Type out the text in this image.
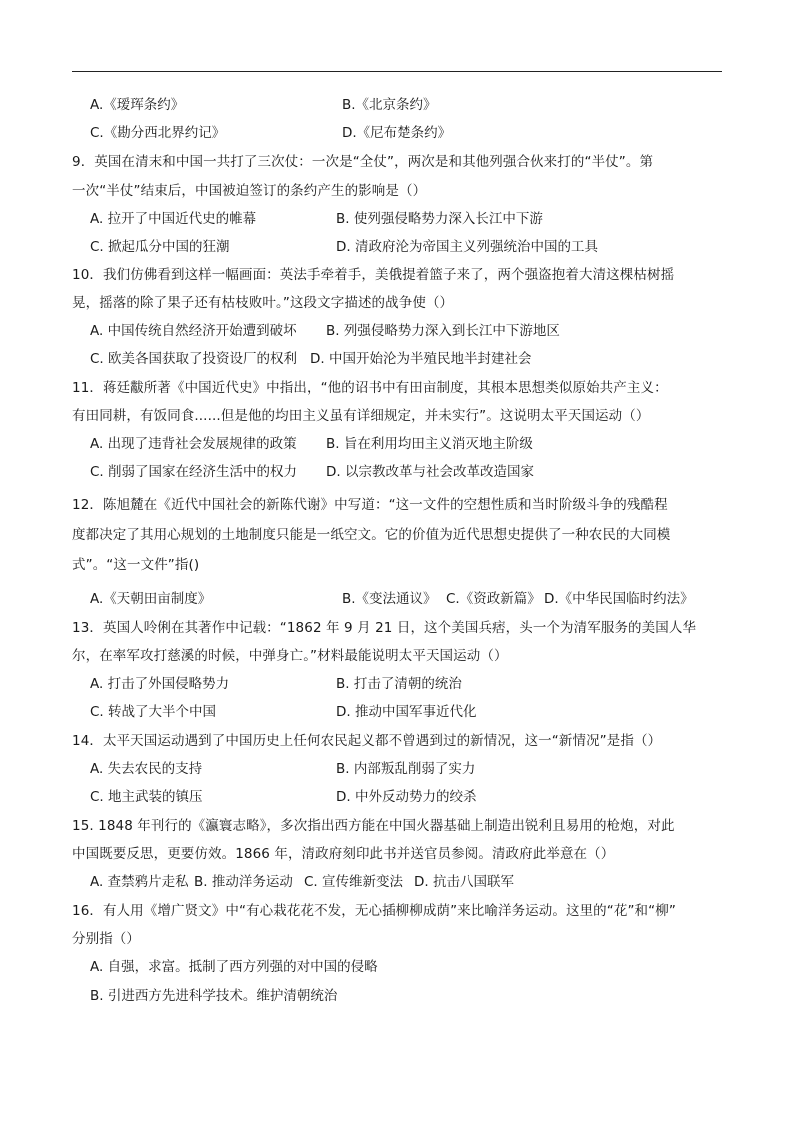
A.《瑷珲条约》	B.《北京条约》
C.《勘分西北界约记》	D.《尼布楚条约》
9．英国在清末和中国一共打了三次仗：一次是“全仗”，两次是和其他列强合伙来打的“半仗”。第
一次“半仗”结束后，中国被迫签订的条约产生的影响是（）
A. 拉开了中国近代史的帷幕	B. 使列强侵略势力深入长江中下游
C. 掀起瓜分中国的狂潮	D. 清政府沦为帝国主义列强统治中国的工具
10．我们仿佛看到这样一幅画面：英法手牵着手，美俄提着篮子来了，两个强盗抱着大清这棵枯树摇
晃，摇落的除了果子还有枯枝败叶。”这段文字描述的战争使（）
A. 中国传统自然经济开始遭到破坏 B. 列强侵略势力深入到长江中下游地区
C. 欧美各国获取了投资设厂的权利 D. 中国开始沦为半殖民地半封建社会
11．蒋廷黻所著《中国近代史》中指出，“他的诏书中有田亩制度，其根本思想类似原始共产主义：
有田同耕，有饭同食......但是他的均田主义虽有详细规定，并未实行”。这说明太平天国运动（）
A. 出现了违背社会发展规律的政策 B. 旨在利用均田主义消灭地主阶级
C. 削弱了国家在经济生活中的权力 D. 以宗教改革与社会改革改造国家
12．陈旭麓在《近代中国社会的新陈代谢》中写道：“这一文件的空想性质和当时阶级斗争的残酷程
度都决定了其用心规划的土地制度只能是一纸空文。它的价值为近代思想史提供了一种农民的大同模
式”。“这一文件”指()
A.《天朝田亩制度》	B.《变法通议》 C.《资政新篇》 D.《中华民国临时约法》
13．英国人呤俐在其著作中记载：“1862 年 9 月 21 日，这个美国兵痞，头一个为清军服务的美国人华
尔，在率军攻打慈溪的时候，中弹身亡。”材料最能说明太平天国运动（）
A. 打击了外国侵略势力	B. 打击了清朝的统治
C. 转战了大半个中国	D. 推动中国军事近代化
14．太平天国运动遇到了中国历史上任何农民起义都不曾遇到过的新情况，这一“新情况”是指（）
A. 失去农民的支持	B. 内部叛乱削弱了实力
C. 地主武装的镇压	D. 中外反动势力的绞杀
15. 1848 年刊行的《瀛寰志略》，多次指出西方能在中国火器基础上制造出锐利且易用的枪炮，对此
中国既要反思，更要仿效。1866 年，清政府刻印此书并送官员参阅。清政府此举意在（）
A. 查禁鸦片走私 B. 推动洋务运动 C. 宣传维新变法 D. 抗击八国联军
16．有人用《增广贤文》中“有心栽花花不发，无心插柳柳成荫”来比喻洋务运动。这里的“花”和“柳”
分别指（）
A. 自强，求富。抵制了西方列强的对中国的侵略
B. 引进西方先进科学技术。维护清朝统治
